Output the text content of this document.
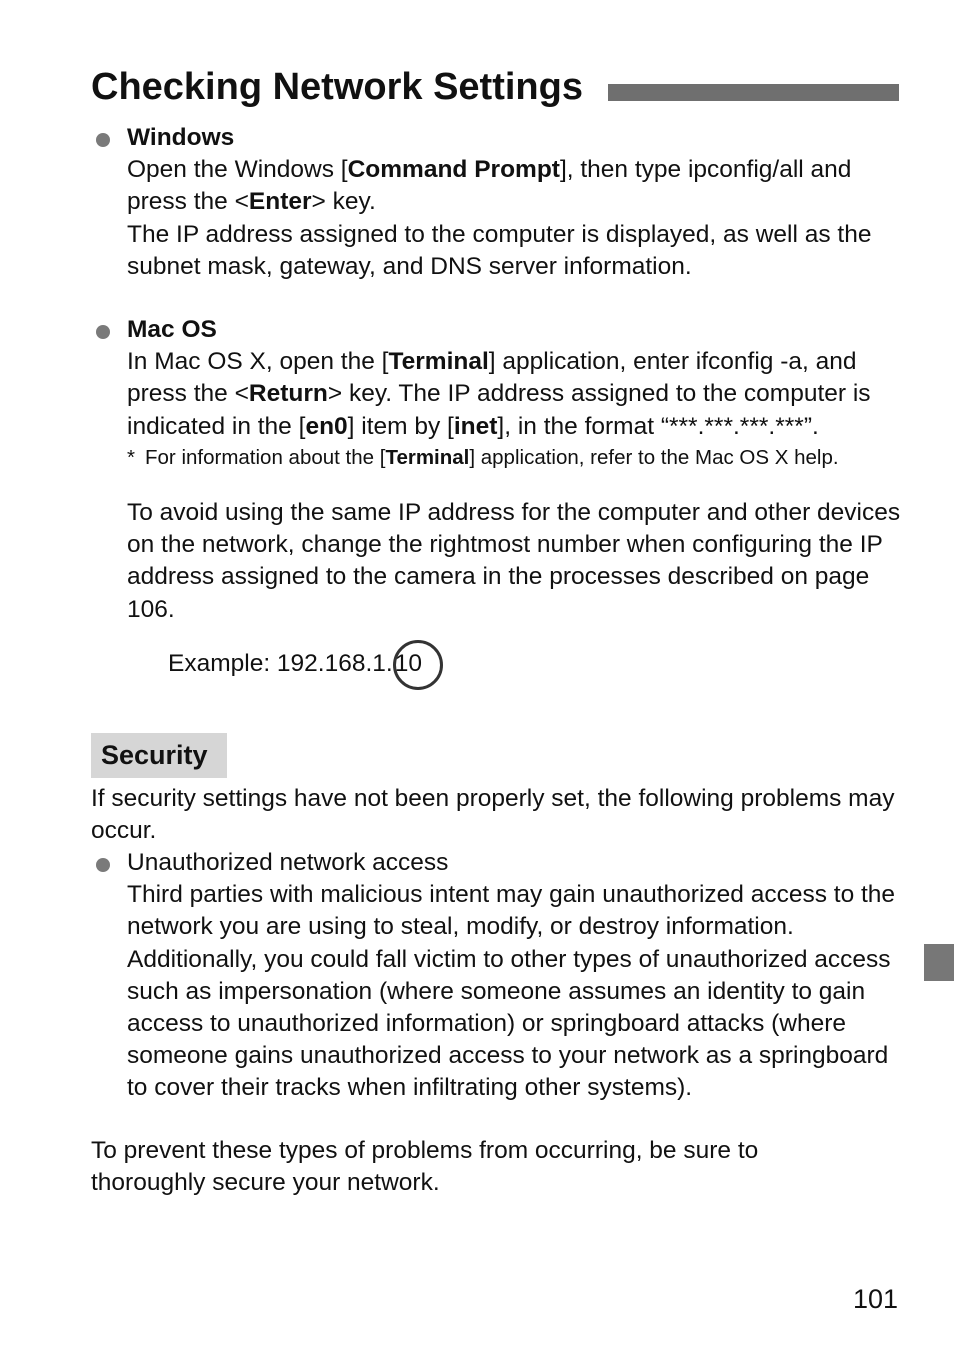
Checking Network Settings

Windows

Open the Windows [Command Prompt], then type ipconfig/all and
press the <Enter> key.

The IP address assigned to the computer is displayed, as well as the subnet mask, gateway, and DNS server information.

Mac OS

In Mac OS X, open the [Terminal] application, enter ifconfig -a, and
press the <Return> key. The IP address assigned to the computer is
indicated in the [en0] item by [inet], in the format “***.***.***.***”.

* For information about the [Terminal] application, refer to the Mac OS X help.
To avoid using the same IP address for the computer and other devices on the network, change the rightmost number when configuring the IP address assigned to the camera in the processes described on page 106.
Example: 192.168.1.10
Security
If security settings have not been properly set, the following problems may occur.

Unauthorized network access

Third parties with malicious intent may gain unauthorized access to the network you are using to steal, modify, or destroy information. Additionally, you could fall victim to other types of unauthorized access such as impersonation (where someone assumes an identity to gain access to unauthorized information) or springboard attacks (where someone gains unauthorized access to your network as a springboard to cover their tracks when infiltrating other systems).

To prevent these types of problems from occurring, be sure to thoroughly secure your network.
101
